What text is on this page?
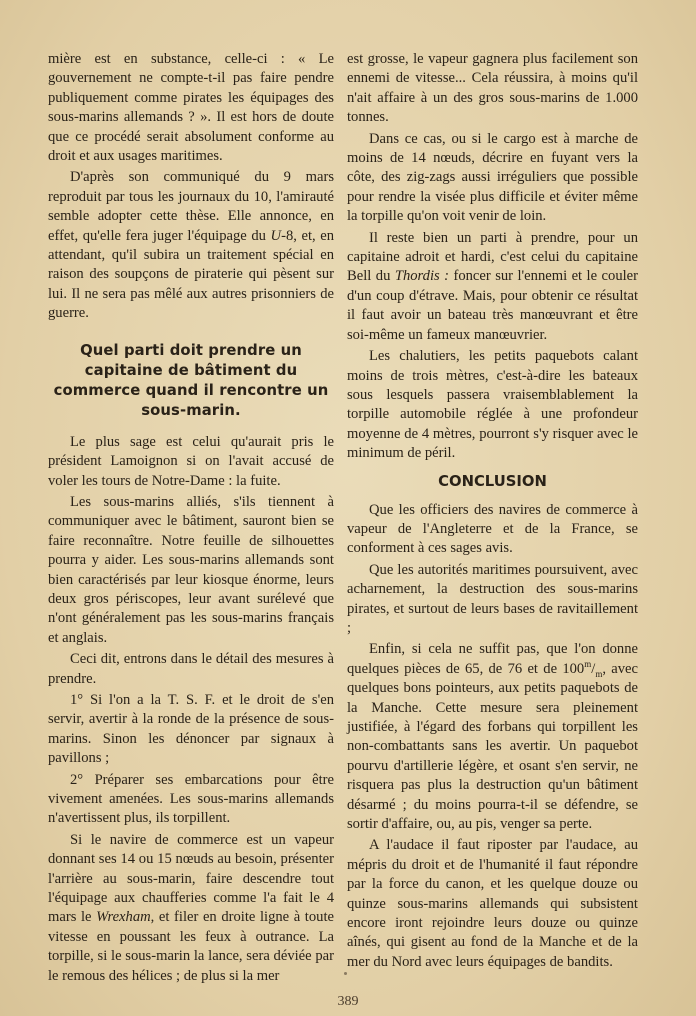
mière est en substance, celle-ci : « Le gouvernement ne compte-t-il pas faire pendre publiquement comme pirates les équipages des sous-marins allemands ? ». Il est hors de doute que ce procédé serait absolument conforme au droit et aux usages maritimes.

D'après son communiqué du 9 mars reproduit par tous les journaux du 10, l'amirauté semble adopter cette thèse. Elle annonce, en effet, qu'elle fera juger l'équipage du U-8, et, en attendant, qu'il subira un traitement spécial en raison des soupçons de piraterie qui pèsent sur lui. Il ne sera pas mêlé aux autres prisonniers de guerre.

Quel parti doit prendre un capitaine de bâtiment du commerce quand il rencontre un sous-marin.

Le plus sage est celui qu'aurait pris le président Lamoignon si on l'avait accusé de voler les tours de Notre-Dame : la fuite.

Les sous-marins alliés, s'ils tiennent à communiquer avec le bâtiment, sauront bien se faire reconnaître. Notre feuille de silhouettes pourra y aider. Les sous-marins allemands sont bien caractérisés par leur kiosque énorme, leurs deux gros périscopes, leur avant surélevé que n'ont généralement pas les sous-marins français et anglais.

Ceci dit, entrons dans le détail des mesures à prendre.

1° Si l'on a la T. S. F. et le droit de s'en servir, avertir à la ronde de la présence de sous-marins. Sinon les dénoncer par signaux à pavillons ;

2° Préparer ses embarcations pour être vivement amenées. Les sous-marins allemands n'avertissent plus, ils torpillent.

Si le navire de commerce est un vapeur donnant ses 14 ou 15 nœuds au besoin, présenter l'arrière au sous-marin, faire descendre tout l'équipage aux chaufferies comme l'a fait le 4 mars le Wrexham, et filer en droite ligne à toute vitesse en poussant les feux à outrance. La torpille, si le sous-marin la lance, sera déviée par le remous des hélices ; de plus si la mer

est grosse, le vapeur gagnera plus facilement son ennemi de vitesse... Cela réussira, à moins qu'il n'ait affaire à un des gros sous-marins de 1.000 tonnes.

Dans ce cas, ou si le cargo est à marche de moins de 14 nœuds, décrire en fuyant vers la côte, des zig-zags aussi irréguliers que possible pour rendre la visée plus difficile et éviter même la torpille qu'on voit venir de loin.

Il reste bien un parti à prendre, pour un capitaine adroit et hardi, c'est celui du capitaine Bell du Thordis : foncer sur l'ennemi et le couler d'un coup d'étrave. Mais, pour obtenir ce résultat il faut avoir un bateau très manœuvrant et être soi-même un fameux manœuvrier.

Les chalutiers, les petits paquebots calant moins de trois mètres, c'est-à-dire les bateaux sous lesquels passera vraisemblablement la torpille automobile réglée à une profondeur moyenne de 4 mètres, pourront s'y risquer avec le minimum de péril.

CONCLUSION

Que les officiers des navires de commerce à vapeur de l'Angleterre et de la France, se conforment à ces sages avis.

Que les autorités maritimes poursuivent, avec acharnement, la destruction des sous-marins pirates, et surtout de leurs bases de ravitaillement ;

Enfin, si cela ne suffit pas, que l'on donne quelques pièces de 65, de 76 et de $100^m/_m$, avec quelques bons pointeurs, aux petits paquebots de la Manche. Cette mesure sera pleinement justifiée, à l'égard des forbans qui torpillent les non-combattants sans les avertir. Un paquebot pourvu d'artillerie légère, et osant s'en servir, ne risquera pas plus la destruction qu'un bâtiment désarmé ; du moins pourra-t-il se défendre, se sortir d'affaire, ou, au pis, venger sa perte.

A l'audace il faut riposter par l'audace, au mépris du droit et de l'humanité il faut répondre par la force du canon, et les quelque douze ou quinze sous-marins allemands qui subsistent encore iront rejoindre leurs douze ou quinze aînés, qui gisent au fond de la Manche et de la mer du Nord avec leurs équipages de bandits.

389
